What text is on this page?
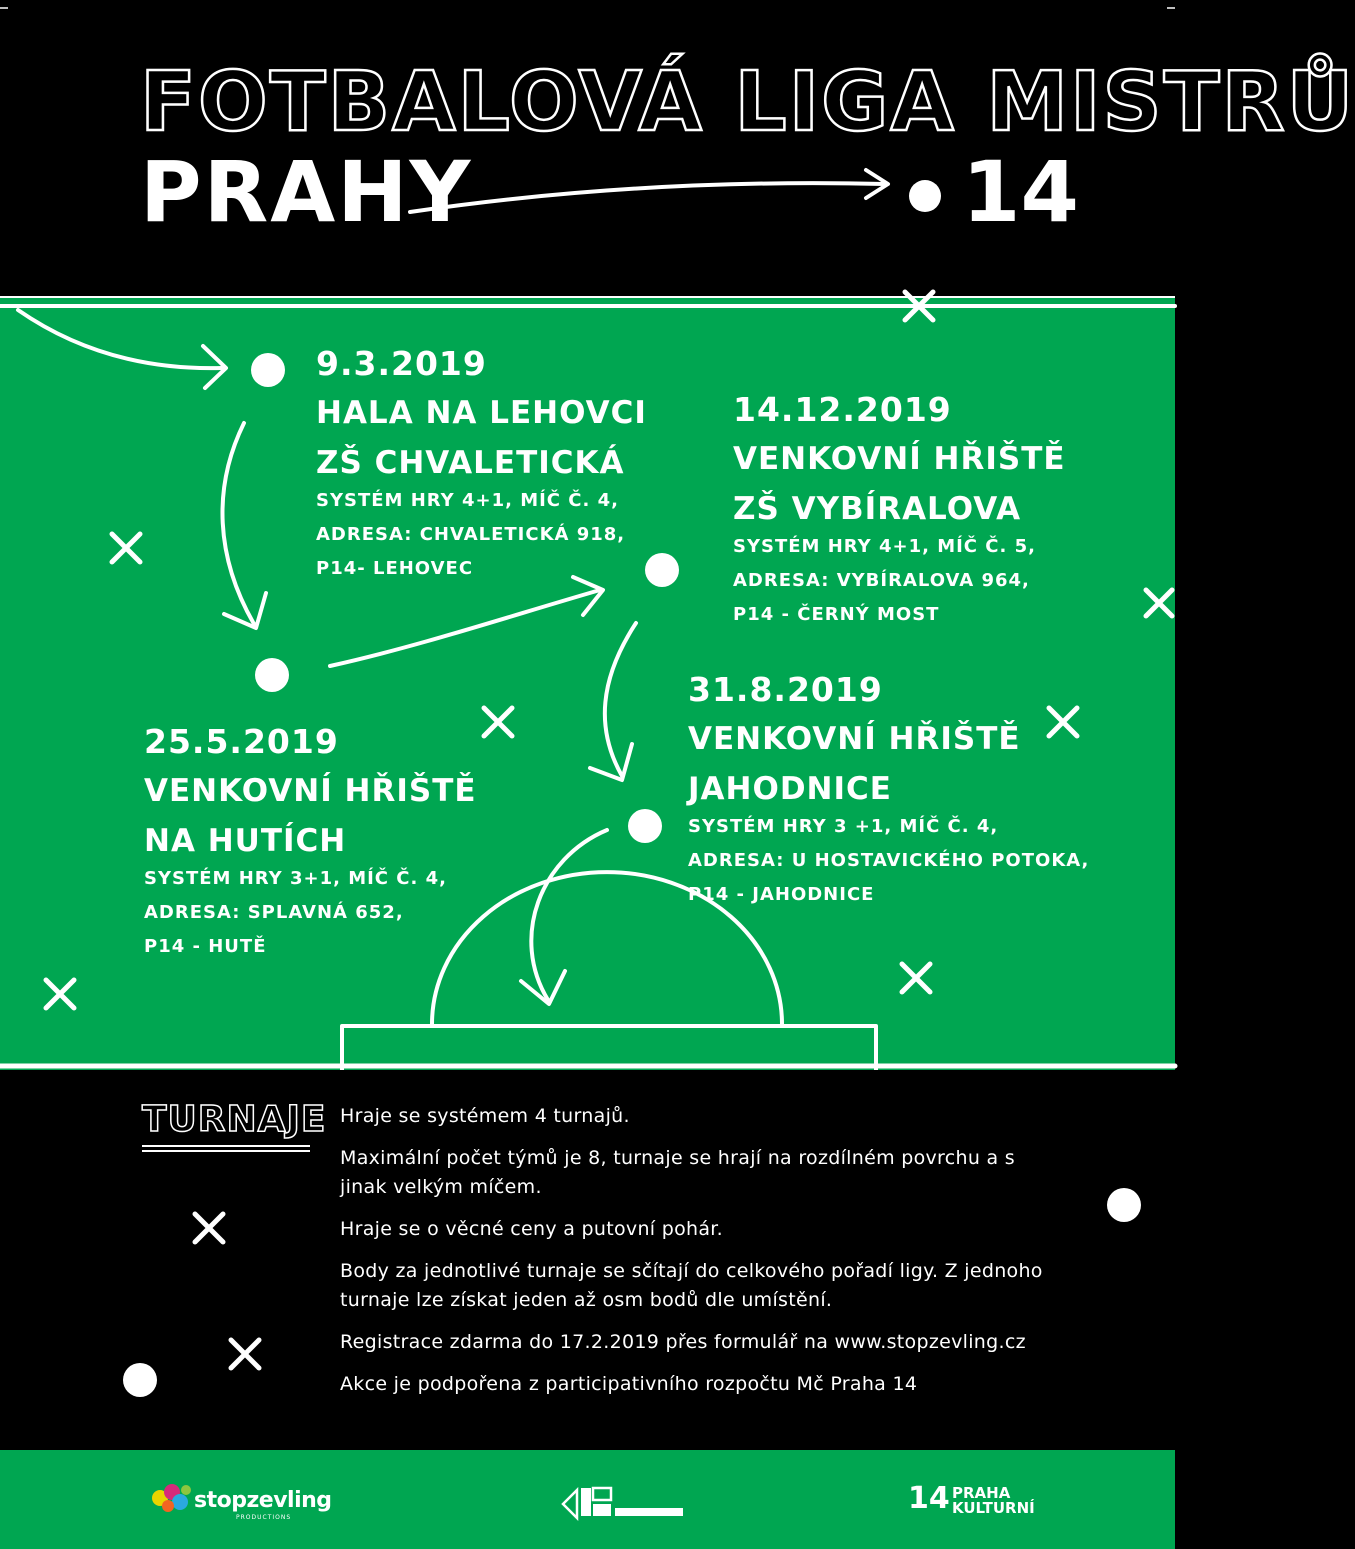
FOTBALOVÁ LIGA MISTRŮ
PRAHY	14
9.3.2019
HALA NA LEHOVCI
ZŠ CHVALETICKÁ
SYSTÉM HRY 4+1, MÍČ Č. 4,
ADRESA: CHVALETICKÁ 918,
P14- LEHOVEC
14.12.2019
VENKOVNÍ HŘIŠTĚ
ZŠ VYBÍRALOVA
SYSTÉM HRY 4+1, MÍČ Č. 5,
ADRESA: VYBÍRALOVA 964,
P14 - ČERNÝ MOST
31.8.2019
VENKOVNÍ HŘIŠTĚ
JAHODNICE
SYSTÉM HRY 3 +1, MÍČ Č. 4,
ADRESA: U HOSTAVICKÉHO POTOKA,
P14 - JAHODNICE
25.5.2019
VENKOVNÍ HŘIŠTĚ
NA HUTÍCH
SYSTÉM HRY 3+1, MÍČ Č. 4,
ADRESA: SPLAVNÁ 652,
P14 - HUTĚ
TURNAJE Hraje se systémem 4 turnajů.
Maximální počet týmů je 8, turnaje se hrají na rozdílném povrchu a s jinak velkým míčem.
Hraje se o věcné ceny a putovní pohár.
Body za jednotlivé turnaje se sčítají do celkového pořadí ligy. Z jednoho turnaje lze získat jeden až osm bodů dle umístění.
Registrace zdarma do 17.2.2019 přes formulář na www.stopzevling.cz
Akce je podpořena z participativního rozpočtu Mč Praha 14
stopzevling
PRODUCTIONS
14 PRAHA
KULTURNÍ
